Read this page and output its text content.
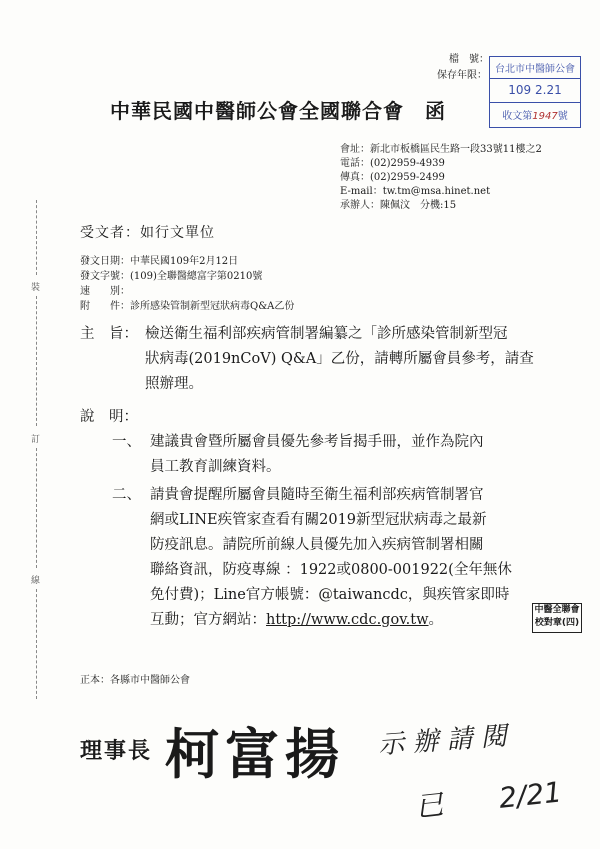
檔　號：
保存年限：
台北市中醫師公會
109 2.21
收文第1947號
中華民國中醫師公會全國聯合會　函
會址：新北市板橋區民生路一段33號11樓之2
電話：(02)2959-4939
傳真：(02)2959-2499
E-mail：tw.tm@msa.hinet.net
承辦人：陳佩汶　分機:15
受文者：如行文單位
發文日期：中華民國109年2月12日
發文字號：(109)全聯醫總富字第0210號
速　　別：
附　　件：診所感染管制新型冠狀病毒Q&A乙份
主　旨： 檢送衛生福利部疾病管制署編纂之「診所感染管制新型冠
狀病毒(2019nCoV) Q&A」乙份，請轉所屬會員參考，請查
照辦理。
說　明：
一、 建議貴會暨所屬會員優先參考旨揭手冊，並作為院內
員工教育訓練資料。
二、 請貴會提醒所屬會員隨時至衛生福利部疾病管制署官
網或LINE疾管家查看有關2019新型冠狀病毒之最新
防疫訊息。請院所前線人員優先加入疾病管制署相關
聯絡資訊，防疫專線 ：1922或0800-001922(全年無休
免付費)；Line官方帳號：@taiwancdc，與疾管家即時
互動；官方網站：http://www.cdc.gov.tw。
中醫全聯會
校對章(四)
裝
訂
線
正本：各縣市中醫師公會
理事長 柯富揚 示 辦 請 閱
已　　2/21
